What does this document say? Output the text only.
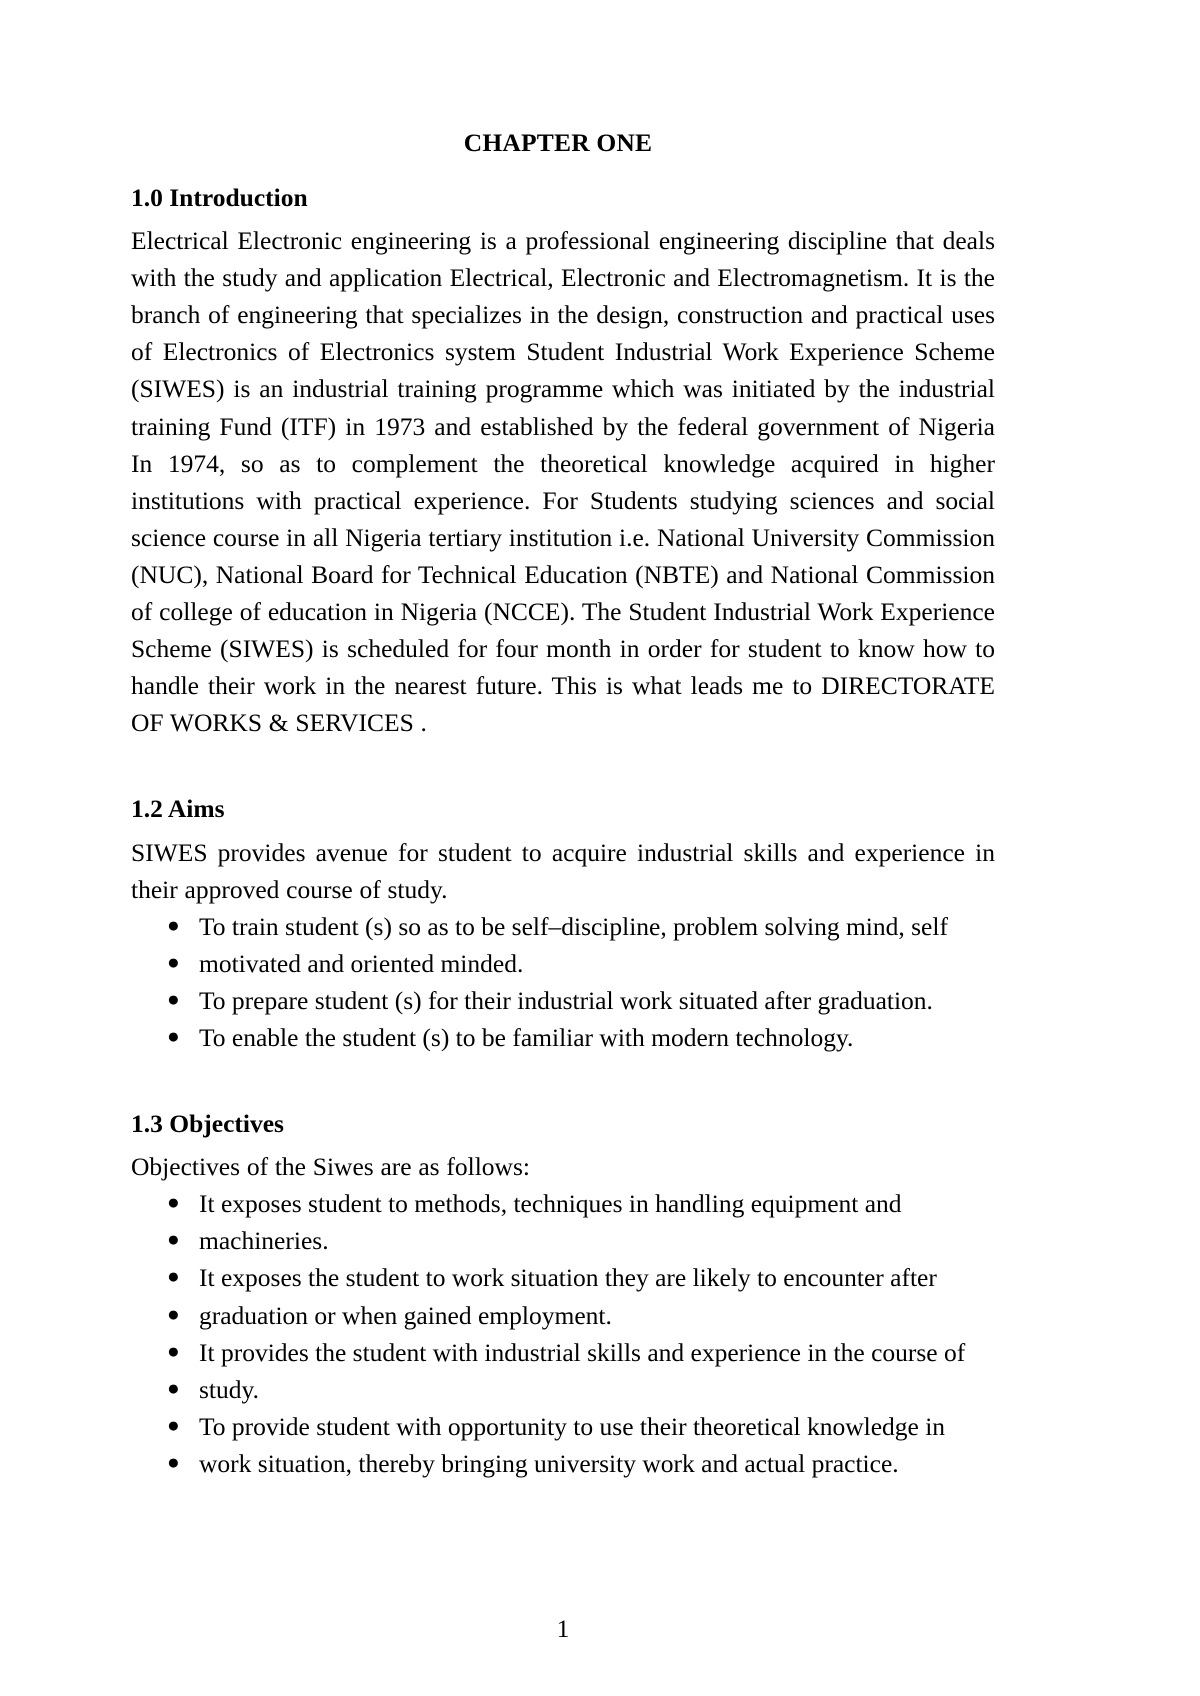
CHAPTER ONE
1.0 Introduction

Electrical Electronic engineering is a professional engineering discipline that deals with the study and application Electrical, Electronic and Electromagnetism. It is the branch of engineering that specializes in the design, construction and practical uses of Electronics of Electronics system Student Industrial Work Experience Scheme (SIWES) is an industrial training programme which was initiated by the industrial training Fund (ITF) in 1973 and established by the federal government of Nigeria In 1974, so as to complement the theoretical knowledge acquired in higher institutions with practical experience. For Students studying sciences and social science course in all Nigeria tertiary institution i.e. National University Commission (NUC), National Board for Technical Education (NBTE) and National Commission of college of education in Nigeria (NCCE). The Student Industrial Work Experience Scheme (SIWES) is scheduled for four month in order for student to know how to handle their work in the nearest future. This is what leads me to DIRECTORATE OF WORKS & SERVICES .

1.2 Aims

SIWES provides avenue for student to acquire industrial skills and experience in their approved course of study.

● To train student (s) so as to be self–discipline, problem solving mind, self
● motivated and oriented minded.
● To prepare student (s) for their industrial work situated after graduation.
● To enable the student (s) to be familiar with modern technology.
1.3 Objectives

Objectives of the Siwes are as follows:

● It exposes student to methods, techniques in handling equipment and
● machineries.
● It exposes the student to work situation they are likely to encounter after
● graduation or when gained employment.
● It provides the student with industrial skills and experience in the course of
● study.
● To provide student with opportunity to use their theoretical knowledge in
● work situation, thereby bringing university work and actual practice.
1
